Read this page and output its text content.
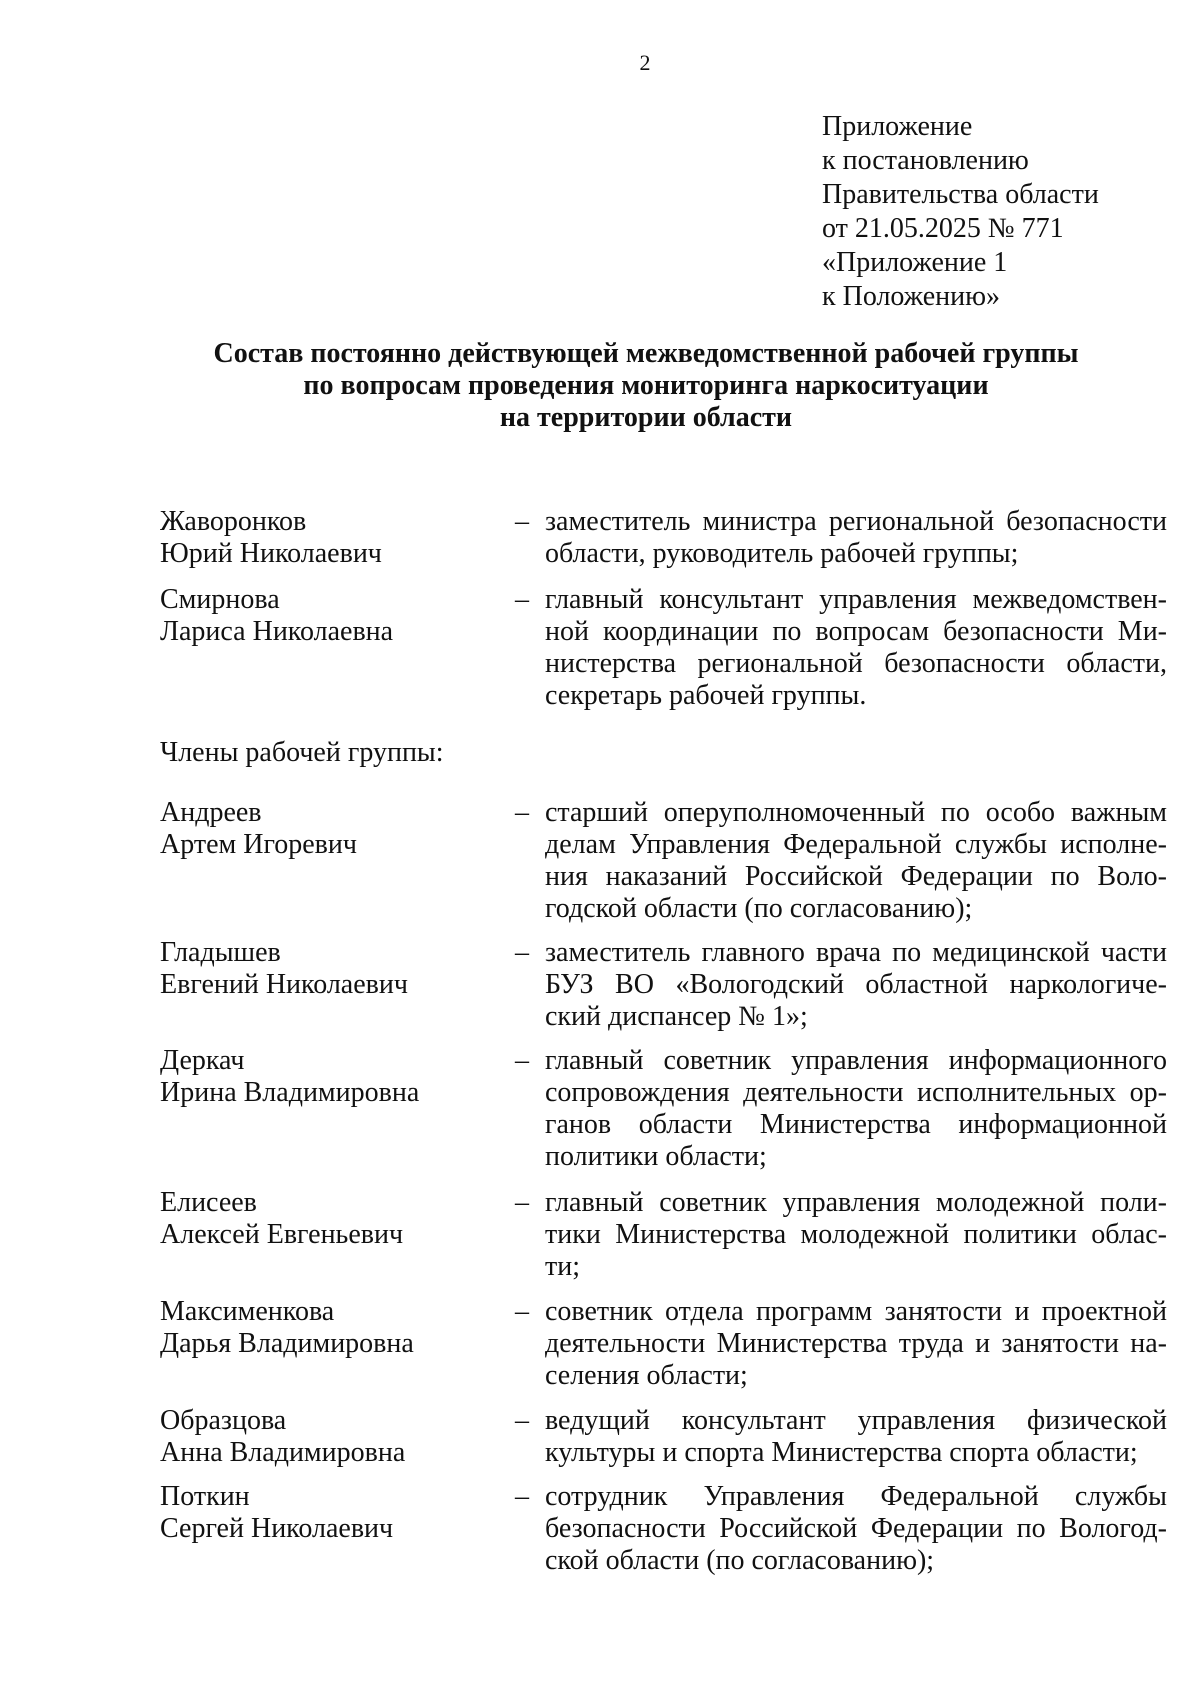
2
Приложение
к постановлению
Правительства области
от 21.05.2025 № 771
«Приложение 1
к Положению»
Состав постоянно действующей межведомственной рабочей группы
по вопросам проведения мониторинга наркоситуации
на территории области
Жаворонков
Юрий Николаевич
– заместитель министра региональной безопасности
области, руководитель рабочей группы;
Смирнова
Лариса Николаевна
– главный консультант управления межведомствен-
ной координации по вопросам безопасности Ми-
нистерства региональной безопасности области,
секретарь рабочей группы.
Члены рабочей группы:
Андреев
Артем Игоревич
– старший оперуполномоченный по особо важным
делам Управления Федеральной службы исполне-
ния наказаний Российской Федерации по Воло-
годской области (по согласованию);
Гладышев
Евгений Николаевич
– заместитель главного врача по медицинской части
БУЗ ВО «Вологодский областной наркологиче-
ский диспансер № 1»;
Деркач
Ирина Владимировна
– главный советник управления информационного
сопровождения деятельности исполнительных ор-
ганов области Министерства информационной
политики области;
Елисеев
Алексей Евгеньевич
– главный советник управления молодежной поли-
тики Министерства молодежной политики облас-
ти;
Максименкова
Дарья Владимировна
– советник отдела программ занятости и проектной
деятельности Министерства труда и занятости на-
селения области;
Образцова
Анна Владимировна
– ведущий консультант управления физической
культуры и спорта Министерства спорта области;
Поткин
Сергей Николаевич
– сотрудник Управления Федеральной службы
безопасности Российской Федерации по Вологод-
ской области (по согласованию);
